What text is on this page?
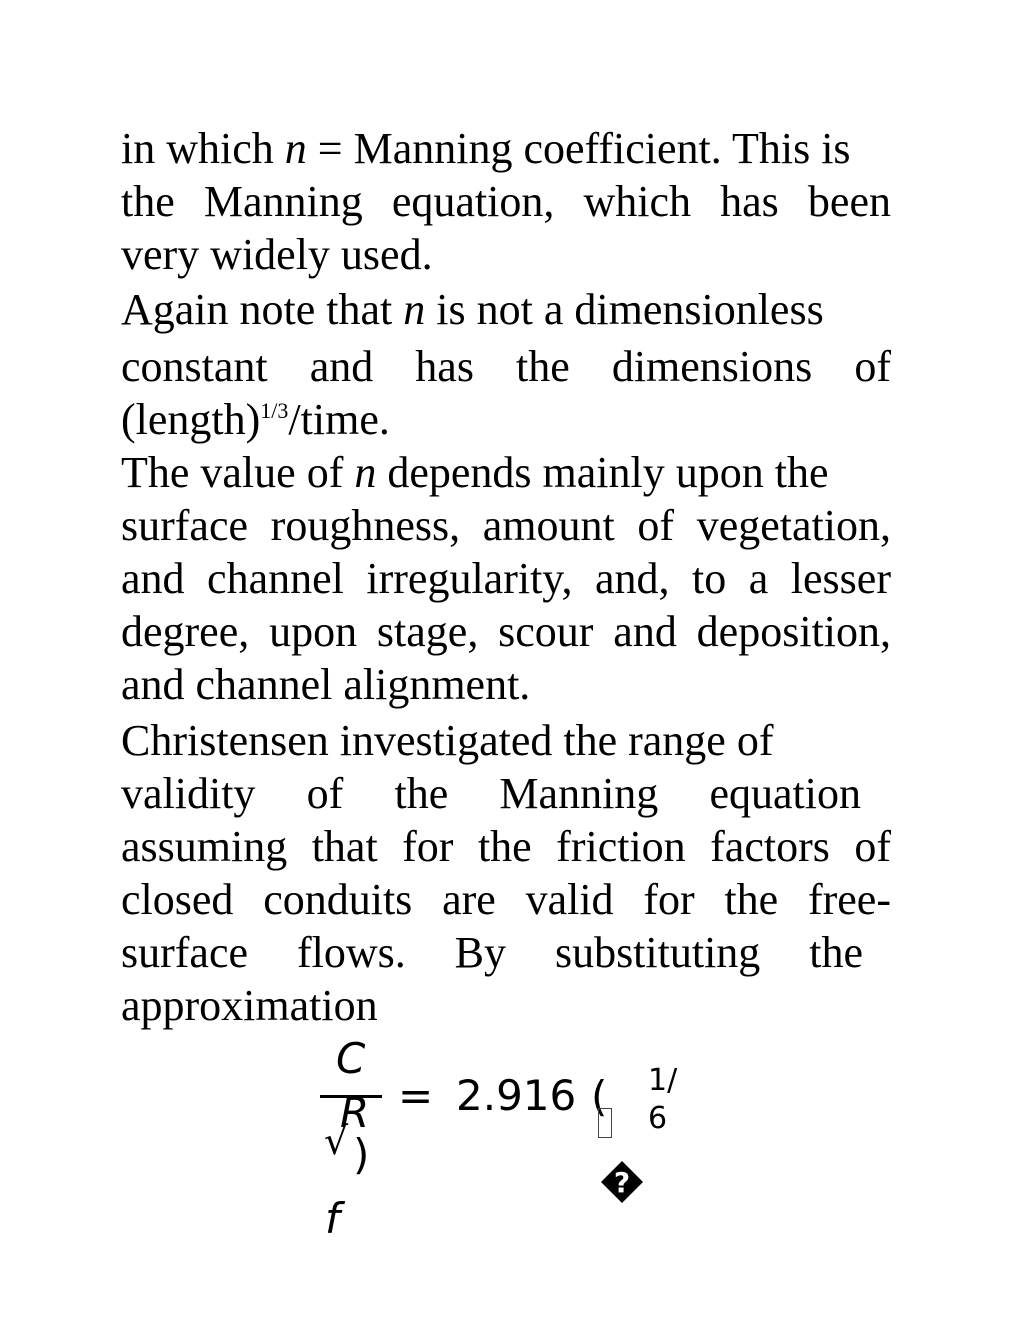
in which n = Manning coefficient. This is
the Manning equation, which has been
very widely used.
Again note that n is not a dimensionless
constant and has the dimensions of
(length)$^{1/3}$/time.
The value of n depends mainly upon the
surface roughness, amount of vegetation,
and channel irregularity, and, to a lesser
degree, upon stage, scour and deposition,
and channel alignment.
Christensen investigated the range of
validity of the Manning equation
assuming that for the friction factors of
closed conduits are valid for the free-
surface flows. By substituting the
approximation
C
R
√ )
f
= 2.916 ( 1/
6
?
